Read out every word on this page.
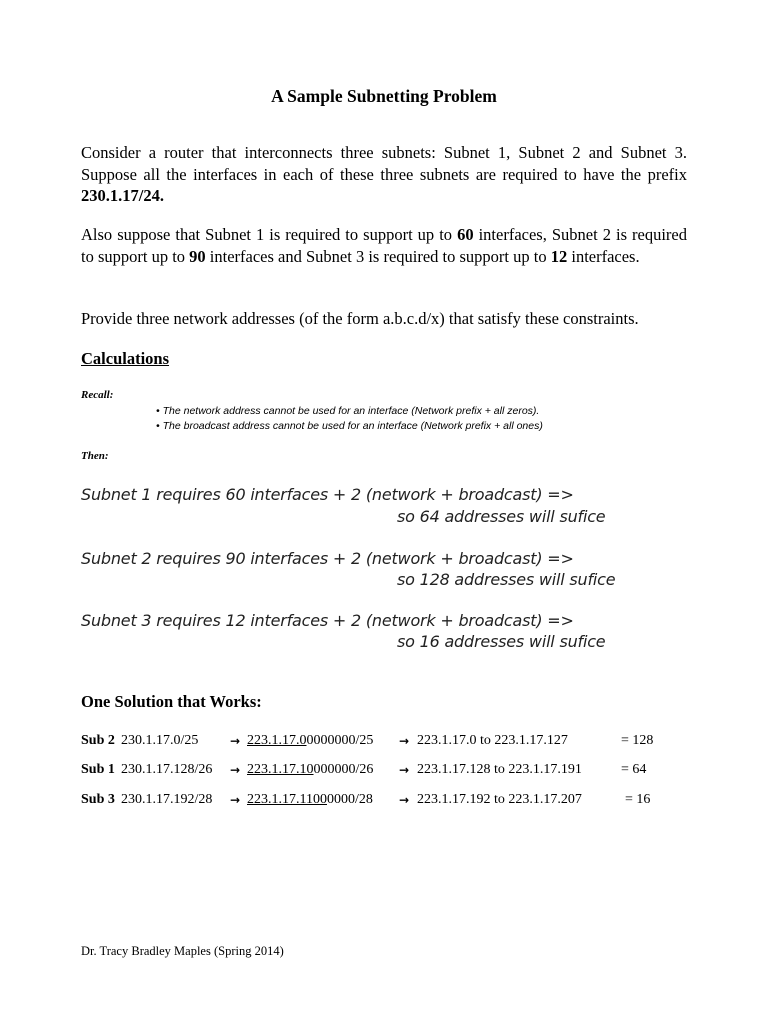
A Sample Subnetting Problem
Consider a router that interconnects three subnets: Subnet 1, Subnet 2 and Subnet 3. Suppose all the interfaces in each of these three subnets are required to have the prefix 230.1.17/24.
Also suppose that Subnet 1 is required to support up to 60 interfaces, Subnet 2 is required to support up to 90 interfaces and Subnet 3 is required to support up to 12 interfaces.
Provide three network addresses (of the form a.b.c.d/x) that satisfy these constraints.
Calculations
Recall:
• The network address cannot be used for an interface (Network prefix + all zeros).
• The broadcast address cannot be used for an interface (Network prefix + all ones)
Then:
Subnet 1 requires 60 interfaces + 2 (network + broadcast) =>
so 64 addresses will sufice
Subnet 2 requires 90 interfaces + 2 (network + broadcast) =>
so 128 addresses will sufice
Subnet 3 requires 12 interfaces + 2 (network + broadcast) =>
so 16 addresses will sufice
One Solution that Works:
Sub 2 230.1.17.0/25	→ 223.1.17.00000000/25 → 223.1.17.0 to 223.1.17.127	= 128
Sub 1 230.1.17.128/26 → 223.1.17.10000000/26 → 223.1.17.128 to 223.1.17.191	= 64
Sub 3 230.1.17.192/28 → 223.1.17.11000000/28 → 223.1.17.192 to 223.1.17.207	= 16
Dr. Tracy Bradley Maples (Spring 2014)
